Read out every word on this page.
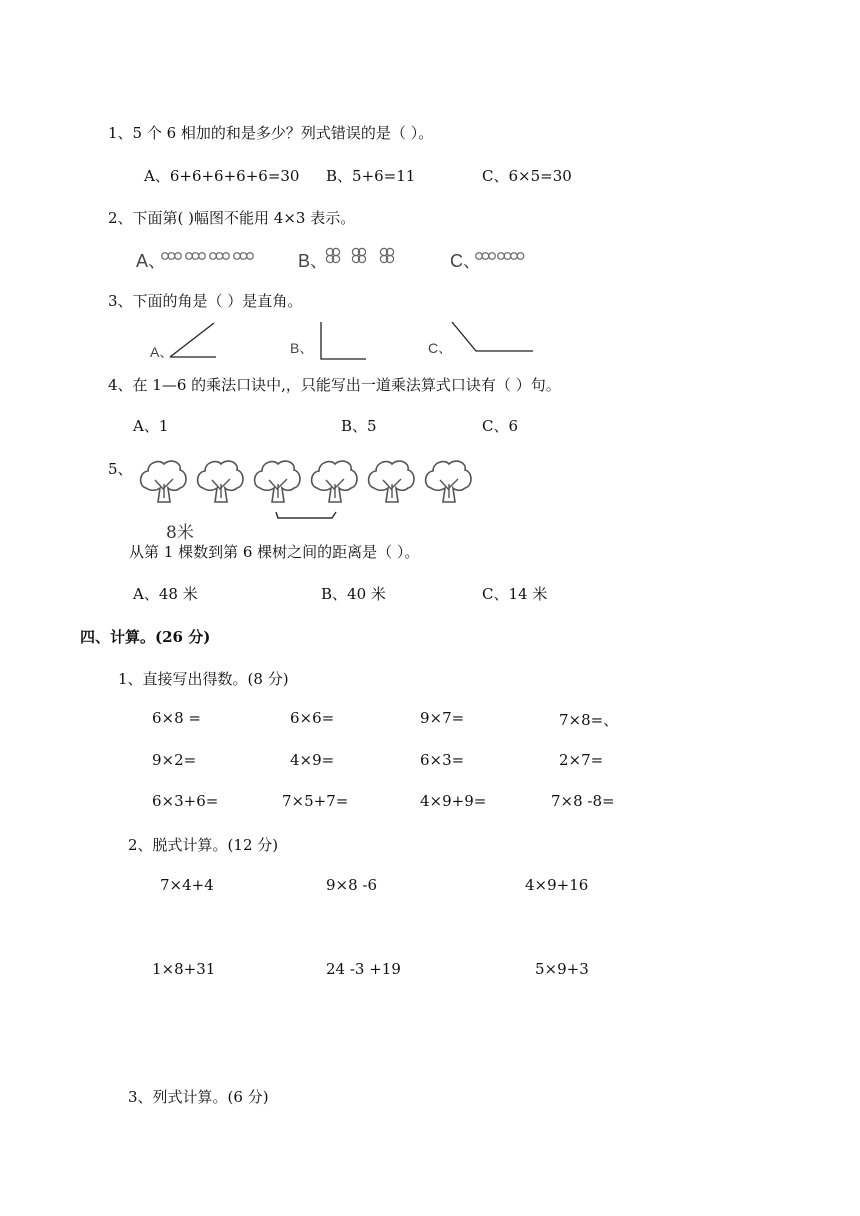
1、5 个 6 相加的和是多少？列式错误的是（ ）。
A、6+6+6+6+6=30 B、5+6=11	C、6×5=30
2、下面第( )幅图不能用 4×3 表示。
A、	B、	C、
3、下面的角是（ ）是直角。
A、	B、	C、
4、在 1—6 的乘法口诀中,，只能写出一道乘法算式口诀有（ ）句。
A、1	B、5	C、6
5、
8米
从第 1 棵数到第 6 棵树之间的距离是（ ）。
A、48 米	B、40 米	C、14 米
四、计算。(26 分)
1、直接写出得数。(8 分)
6×8 =	6×6=	9×7=	7×8=、
9×2=	4×9=	6×3=	2×7=
6×3+6=	7×5+7=	4×9+9=	7×8 -8=
2、脱式计算。(12 分)
7×4+4	9×8 -6	4×9+16
1×8+31	24 -3 +19	5×9+3
3、列式计算。(6 分)
